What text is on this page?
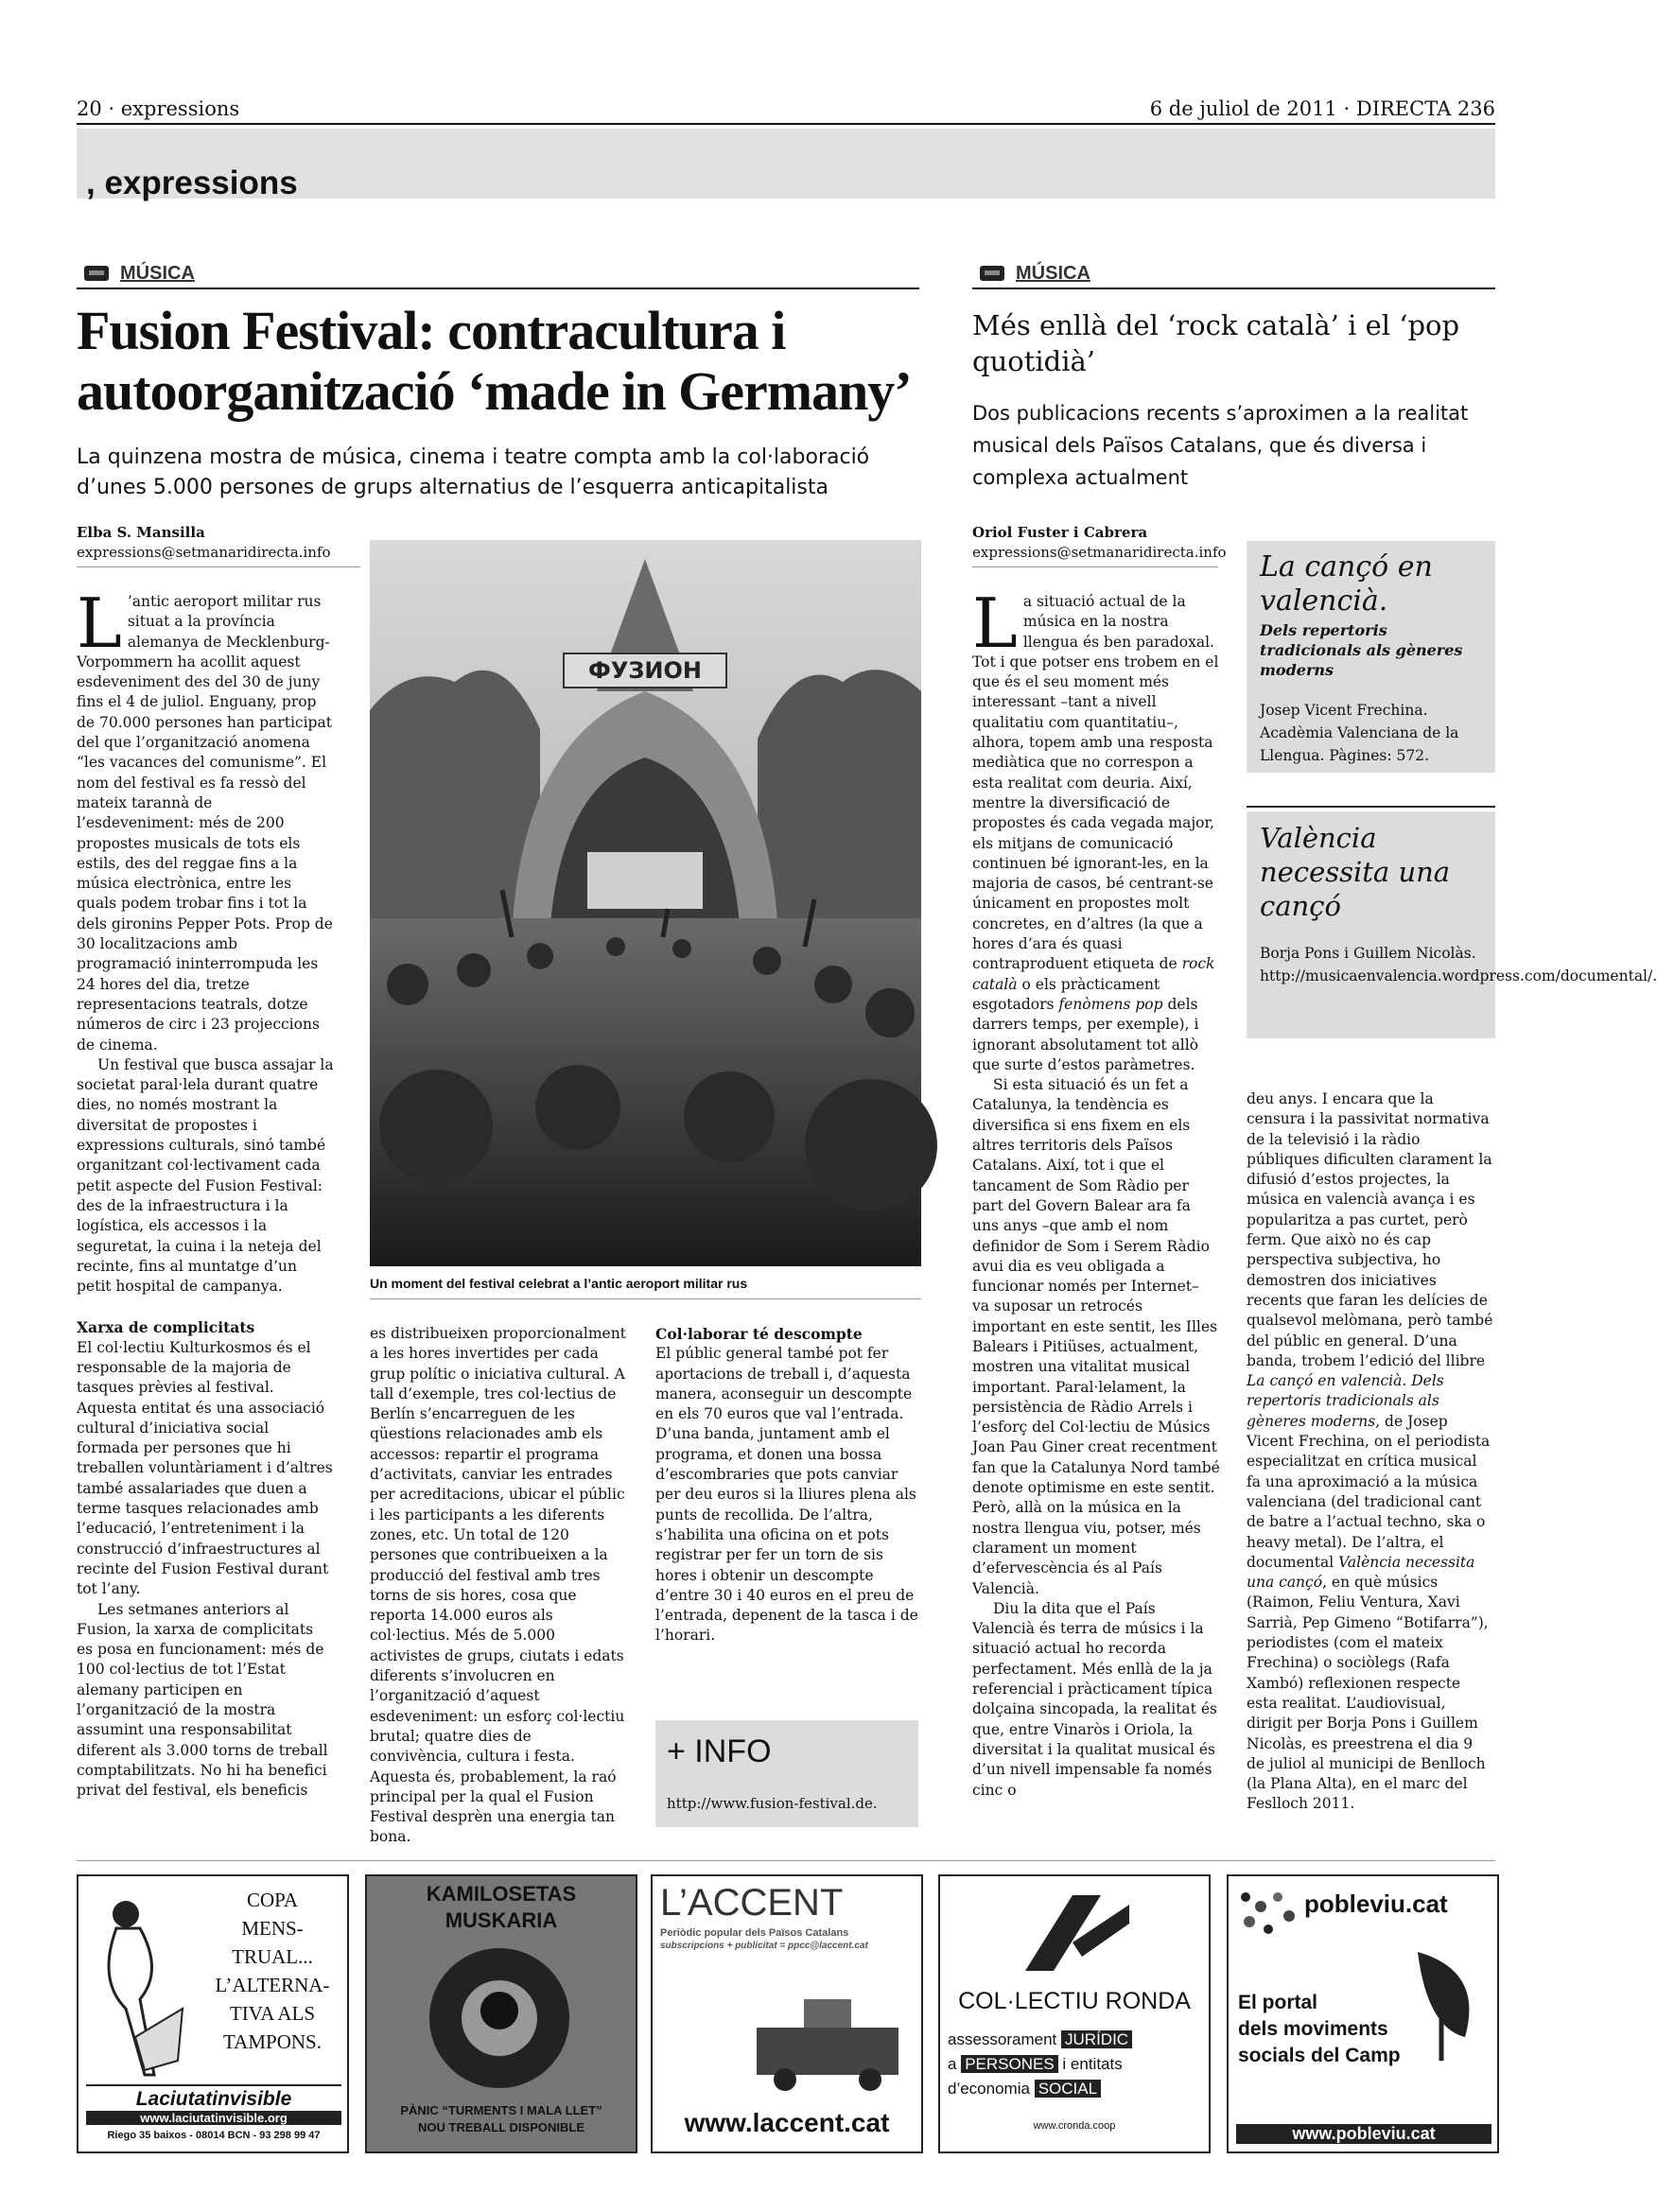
20 · expressions	6 de juliol de 2011 · DIRECTA 236
, expressions
MÚSICA
Fusion Festival: contracultura i autoorganització ‘made in Germany’
La quinzena mostra de música, cinema i teatre compta amb la col·laboració d’unes 5.000 persones de grups alternatius de l’esquerra anticapitalista
Elba S. Mansilla
expressions@setmanaridirecta.info

L ’antic aeroport militar rus situat a la província alemanya de Mecklenburg-Vorpommern ha acollit aquest esdeveniment des del 30 de juny fins el 4 de juliol. Enguany, prop de 70.000 persones han participat del que l’organització anomena “les vacances del comunisme”. El nom del festival es fa ressò del mateix tarannà de l’esdeveniment: més de 200 propostes musicals de tots els estils, des del reggae fins a la música electrònica, entre les quals podem trobar fins i tot la dels gironins Pepper Pots. Prop de 30 localitzacions amb programació ininterrompuda les 24 hores del dia, tretze representacions teatrals, dotze números de circ i 23 projeccions de cinema.

Un festival que busca assajar la societat paral·lela durant quatre dies, no només mostrant la diversitat de propostes i expressions culturals, sinó també organitzant col·lectivament cada petit aspecte del Fusion Festival: des de la infraestructura i la logística, els accessos i la seguretat, la cuina i la neteja del recinte, fins al muntatge d’un petit hospital de campanya.

Xarxa de complicitats

El col·lectiu Kulturkosmos és el responsable de la majoria de tasques prèvies al festival. Aquesta entitat és una associació cultural d’iniciativa social formada per persones que hi treballen voluntàriament i d’altres també assalariades que duen a terme tasques relacionades amb l’educació, l’entreteniment i la construcció d’infraestructures al recinte del Fusion Festival durant tot l’any.

Les setmanes anteriors al Fusion, la xarxa de complicitats es posa en funcionament: més de 100 col·lectius de tot l’Estat alemany participen en l’organització de la mostra assumint una responsabilitat diferent als 3.000 torns de treball comptabilitzats. No hi ha benefici privat del festival, els beneficis

ФУЗИОН
Un moment del festival celebrat a l’antic aeroport militar rus

es distribueixen proporcionalment a les hores invertides per cada grup polític o iniciativa cultural. A tall d’exemple, tres col·lectius de Berlín s’encarreguen de les qüestions relacionades amb els accessos: repartir el programa d’activitats, canviar les entrades per acreditacions, ubicar el públic i les participants a les diferents zones, etc. Un total de 120 persones que contribueixen a la producció del festival amb tres torns de sis hores, cosa que reporta 14.000 euros als col·lectius. Més de 5.000 activistes de grups, ciutats i edats diferents s’involucren en l’organització d’aquest esdeveniment: un esforç col·lectiu brutal; quatre dies de convivència, cultura i festa. Aquesta és, probablement, la raó principal per la qual el Fusion Festival desprèn una energia tan bona.

Col·laborar té descompte

El públic general també pot fer aportacions de treball i, d’aquesta manera, aconseguir un descompte en els 70 euros que val l’entrada. D’una banda, juntament amb el programa, et donen una bossa d’escombraries que pots canviar per deu euros si la lliures plena als punts de recollida. De l’altra, s’habilita una oficina on et pots registrar per fer un torn de sis hores i obtenir un descompte d’entre 30 i 40 euros en el preu de l’entrada, depenent de la tasca i de l’horari.

+ INFO
http://www.fusion-festival.de.
MÚSICA
Més enllà del ‘rock català’ i el ‘pop quotidià’
Dos publicacions recents s’aproximen a la realitat musical dels Països Catalans, que és diversa i complexa actualment
Oriol Fuster i Cabrera
expressions@setmanaridirecta.info

La situació actual de la música en la nostra llengua és ben paradoxal. Tot i que potser ens trobem en el que és el seu moment més interessant –tant a nivell qualitatiu com quantitatiu–, alhora, topem amb una resposta mediàtica que no correspon a esta realitat com deuria. Així, mentre la diversificació de propostes és cada vegada major, els mitjans de comunicació continuen bé ignorant-les, en la majoria de casos, bé centrant-se únicament en propostes molt concretes, en d’altres (la que a hores d’ara és quasi contraproduent etiqueta de rock català o els pràcticament esgotadors fenòmens pop dels darrers temps, per exemple), i ignorant absolutament tot allò que surte d’estos paràmetres.

Si esta situació és un fet a Catalunya, la tendència es diversifica si ens fixem en els altres territoris dels Països Catalans. Així, tot i que el tancament de Som Ràdio per part del Govern Balear ara fa uns anys –que amb el nom definidor de Som i Serem Ràdio avui dia es veu obligada a funcionar només per Internet– va suposar un retrocés important en este sentit, les Illes Balears i Pitiüses, actualment, mostren una vitalitat musical important. Paral·lelament, la persistència de Ràdio Arrels i l’esforç del Col·lectiu de Músics Joan Pau Giner creat recentment fan que la Catalunya Nord també denote optimisme en este sentit. Però, allà on la música en la nostra llengua viu, potser, més clarament un moment d’efervescència és al País Valencià.

Diu la dita que el País Valencià és terra de músics i la situació actual ho recorda perfectament. Més enllà de la ja referencial i pràcticament típica dolçaina sincopada, la realitat és que, entre Vinaròs i Oriola, la diversitat i la qualitat musical és d’un nivell impensable fa només cinc o

La cançó en valencià.
Dels repertoris tradicionals als gèneres moderns
Josep Vicent Frechina. Acadèmia Valenciana de la Llengua. Pàgines: 572.
València necessita una cançó
Borja Pons i Guillem Nicolàs. http://musicaenvalencia.wordpress.com/documental/.

deu anys. I encara que la censura i la passivitat normativa de la televisió i la ràdio públiques dificulten clarament la difusió d’estos projectes, la música en valencià avança i es popularitza a pas curtet, però ferm. Que això no és cap perspectiva subjectiva, ho demostren dos iniciatives recents que faran les delícies de qualsevol melòmana, però també del públic en general. D’una banda, trobem l’edició del llibre La cançó en valencià. Dels repertoris tradicionals als gèneres moderns, de Josep Vicent Frechina, on el periodista especialitzat en crítica musical fa una aproximació a la música valenciana (del tradicional cant de batre a l’actual techno, ska o heavy metal). De l’altra, el documental València necessita una cançó, en què músics (Raimon, Feliu Ventura, Xavi Sarrià, Pep Gimeno “Botifarra”), periodistes (com el mateix Frechina) o sociòlegs (Rafa Xambó) reflexionen respecte esta realitat. L’audiovisual, dirigit per Borja Pons i Guillem Nicolàs, es preestrena el dia 9 de juliol al municipi de Benlloch (la Plana Alta), en el marc del Feslloch 2011.

COPA
MENS-
TRUAL...
L’ALTERNA-
TIVA ALS
TAMPONS.
Laciutatinvisible
www.laciutatinvisible.org
Riego 35 baixos - 08014 BCN - 93 298 99 47
KAMILOSETAS
MUSKARIA
PÀNIC “TURMENTS I MALA LLET”
NOU TREBALL DISPONIBLE
L’ACCENT
Periòdic popular dels Països Catalans
subscripcions + publicitat = ppcc@laccent.cat
www.laccent.cat
COL·LECTIU RONDA
assessorament JURÍDIC
a PERSONES i entitats
d’economia SOCIAL
www.cronda.coop
pobleviu.cat
El portal
dels moviments
socials del Camp
www.pobleviu.cat
